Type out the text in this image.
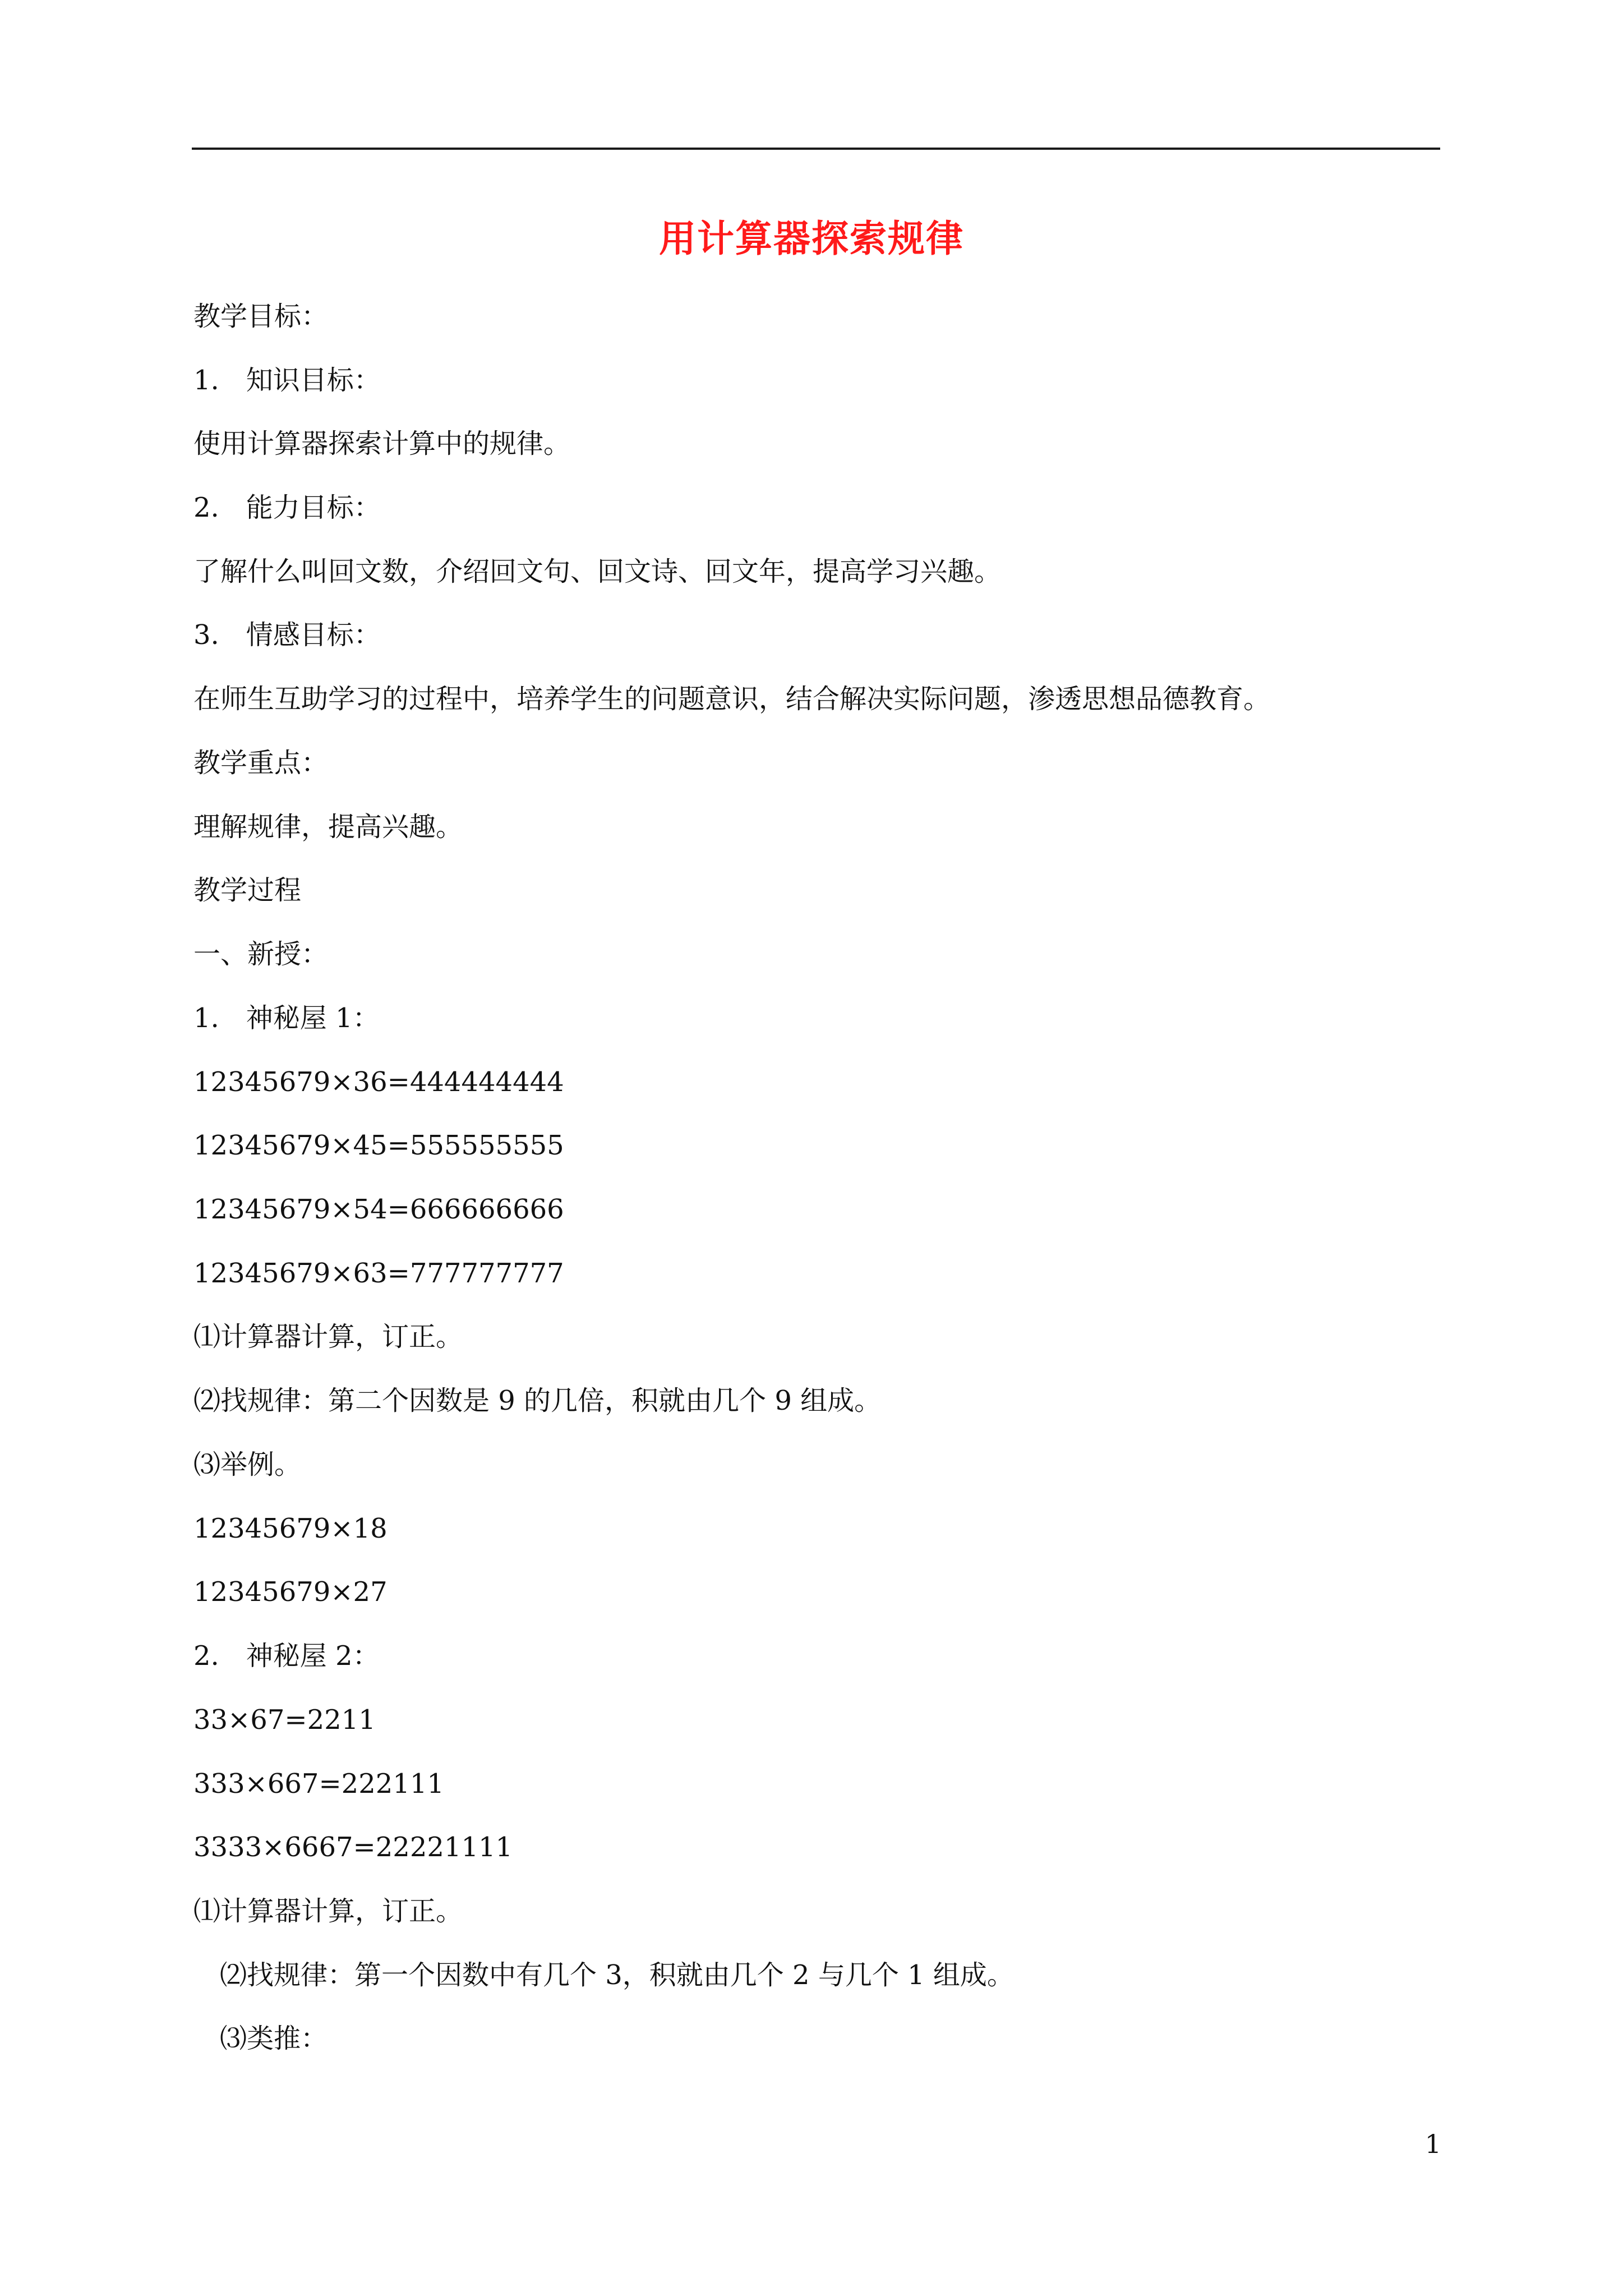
用计算器探索规律
教学目标：
1.　知识目标：
使用计算器探索计算中的规律。
2.　能力目标：
了解什么叫回文数，介绍回文句、回文诗、回文年，提高学习兴趣。
3.　情感目标：
在师生互助学习的过程中，培养学生的问题意识，结合解决实际问题，渗透思想品德教育。
教学重点：
理解规律，提高兴趣。
教学过程
一、新授：
1.　神秘屋 1：
12345679×36=444444444
12345679×45=555555555
12345679×54=666666666
12345679×63=777777777
⑴计算器计算，订正。
⑵找规律：第二个因数是 9 的几倍，积就由几个 9 组成。
⑶举例。
12345679×18
12345679×27
2.　神秘屋 2：
33×67=2211
333×667=222111
3333×6667=22221111
⑴计算器计算，订正。
⑵找规律：第一个因数中有几个 3，积就由几个 2 与几个 1 组成。
⑶类推：
1
